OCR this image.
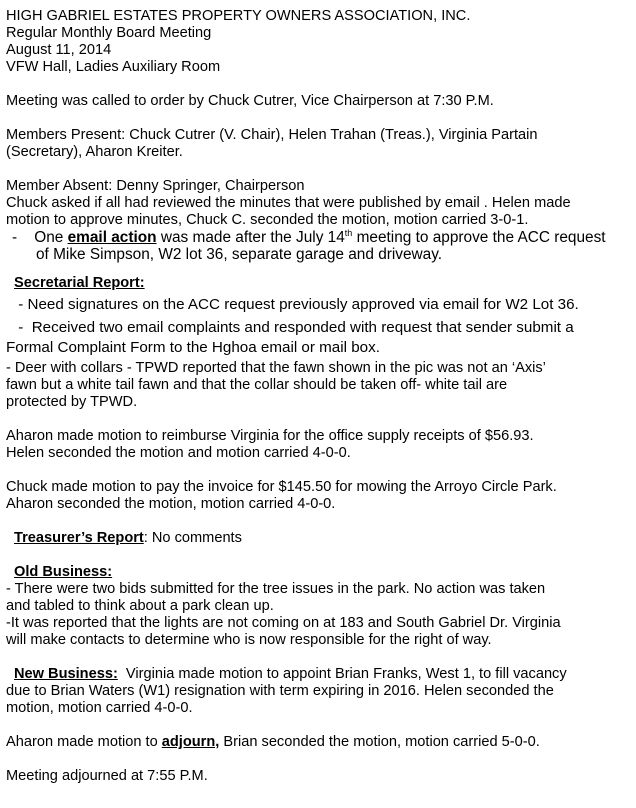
HIGH GABRIEL ESTATES PROPERTY OWNERS ASSOCIATION, INC.

Regular Monthly Board Meeting

August 11, 2014

VFW Hall, Ladies Auxiliary Room

Meeting was called to order by Chuck Cutrer, Vice Chairperson at 7:30 P.M.

Members Present: Chuck Cutrer (V. Chair), Helen Trahan (Treas.), Virginia Partain

(Secretary), Aharon Kreiter.

Member Absent: Denny Springer, Chairperson

Chuck asked if all had reviewed the minutes that were published by email . Helen made

motion to approve minutes, Chuck C. seconded the motion, motion carried 3-0-1.

-    One email action was made after the July 14th meeting to approve the ACC request

of Mike Simpson, W2 lot 36, separate garage and driveway.

Secretarial Report:

- Need signatures on the ACC request previously approved via email for W2 Lot 36.

-  Received two email complaints and responded with request that sender submit a

Formal Complaint Form to the Hghoa email or mail box.

- Deer with collars - TPWD reported that the fawn shown in the pic was not an ‘Axis’

fawn but a white tail fawn and that the collar should be taken off- white tail are

protected by TPWD.

Aharon made motion to reimburse Virginia for the office supply receipts of $56.93.

Helen seconded the motion and motion carried 4-0-0.

Chuck made motion to pay the invoice for $145.50 for mowing the Arroyo Circle Park.

Aharon seconded the motion, motion carried 4-0-0.

Treasurer’s Report: No comments

Old Business:

- There were two bids submitted for the tree issues in the park. No action was taken

and tabled to think about a park clean up.

-It was reported that the lights are not coming on at 183 and South Gabriel Dr. Virginia

will make contacts to determine who is now responsible for the right of way.

New Business:  Virginia made motion to appoint Brian Franks, West 1, to fill vacancy

due to Brian Waters (W1) resignation with term expiring in 2016. Helen seconded the

motion, motion carried 4-0-0.

Aharon made motion to adjourn, Brian seconded the motion, motion carried 5-0-0.

Meeting adjourned at 7:55 P.M.
